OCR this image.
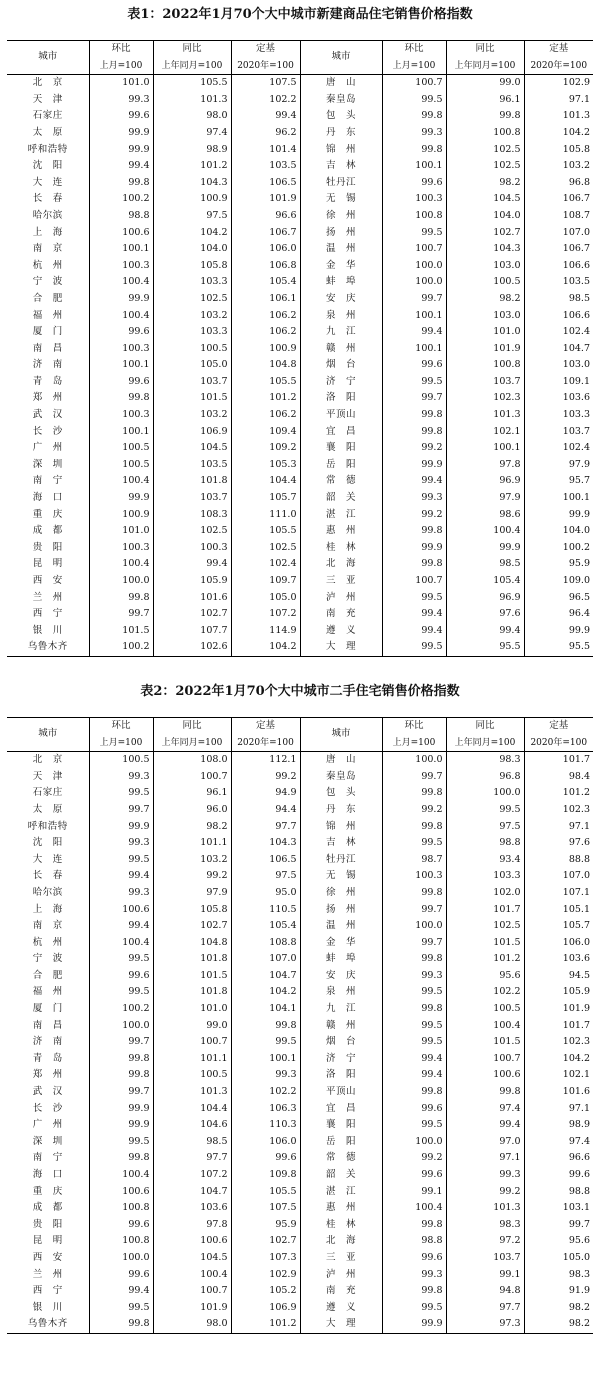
表1：2022年1月70个大中城市新建商品住宅销售价格指数
城市	环比	同比	定基	城市	环比	同比	定基
	上月=100	上年同月=100	2020年=100		上月=100	上年同月=100	2020年=100
北　京	101.0	105.5	107.5	唐　山	100.7	99.0	102.9
天　津	99.3	101.3	102.2	秦皇岛	99.5	96.1	97.1
石家庄	99.6	98.0	99.4	包　头	99.8	99.8	101.3
太　原	99.9	97.4	96.2	丹　东	99.3	100.8	104.2
呼和浩特	99.9	98.9	101.4	锦　州	99.8	102.5	105.8
沈　阳	99.4	101.2	103.5	吉　林	100.1	102.5	103.2
大　连	99.8	104.3	106.5	牡丹江	99.6	98.2	96.8
长　春	100.2	100.9	101.9	无　锡	100.3	104.5	106.7
哈尔滨	98.8	97.5	96.6	徐　州	100.8	104.0	108.7
上　海	100.6	104.2	106.7	扬　州	99.5	102.7	107.0
南　京	100.1	104.0	106.0	温　州	100.7	104.3	106.7
杭　州	100.3	105.8	106.8	金　华	100.0	103.0	106.6
宁　波	100.4	103.3	105.4	蚌　埠	100.0	100.5	103.5
合　肥	99.9	102.5	106.1	安　庆	99.7	98.2	98.5
福　州	100.4	103.2	106.2	泉　州	100.1	103.0	106.6
厦　门	99.6	103.3	106.2	九　江	99.4	101.0	102.4
南　昌	100.3	100.5	100.9	赣　州	100.1	101.9	104.7
济　南	100.1	105.0	104.8	烟　台	99.6	100.8	103.0
青　岛	99.6	103.7	105.5	济　宁	99.5	103.7	109.1
郑　州	99.8	101.5	101.2	洛　阳	99.7	102.3	103.6
武　汉	100.3	103.2	106.2	平顶山	99.8	101.3	103.3
长　沙	100.1	106.9	109.4	宜　昌	99.8	102.1	103.7
广　州	100.5	104.5	109.2	襄　阳	99.2	100.1	102.4
深　圳	100.5	103.5	105.3	岳　阳	99.9	97.8	97.9
南　宁	100.4	101.8	104.4	常　德	99.4	96.9	95.7
海　口	99.9	103.7	105.7	韶　关	99.3	97.9	100.1
重　庆	100.9	108.3	111.0	湛　江	99.2	98.6	99.9
成　都	101.0	102.5	105.5	惠　州	99.8	100.4	104.0
贵　阳	100.3	100.3	102.5	桂　林	99.9	99.9	100.2
昆　明	100.4	99.4	102.4	北　海	99.8	98.5	95.9
西　安	100.0	105.9	109.7	三　亚	100.7	105.4	109.0
兰　州	99.8	101.6	105.0	泸　州	99.5	96.9	96.5
西　宁	99.7	102.7	107.2	南　充	99.4	97.6	96.4
银　川	101.5	107.7	114.9	遵　义	99.4	99.4	99.9
乌鲁木齐	100.2	102.6	104.2	大　理	99.5	95.5	95.5
表2：2022年1月70个大中城市二手住宅销售价格指数
城市	环比	同比	定基	城市	环比	同比	定基
	上月=100	上年同月=100	2020年=100		上月=100	上年同月=100	2020年=100
北　京	100.5	108.0	112.1	唐　山	100.0	98.3	101.7
天　津	99.3	100.7	99.2	秦皇岛	99.7	96.8	98.4
石家庄	99.5	96.1	94.9	包　头	99.8	100.0	101.2
太　原	99.7	96.0	94.4	丹　东	99.2	99.5	102.3
呼和浩特	99.9	98.2	97.7	锦　州	99.8	97.5	97.1
沈　阳	99.3	101.1	104.3	吉　林	99.5	98.8	97.6
大　连	99.5	103.2	106.5	牡丹江	98.7	93.4	88.8
长　春	99.4	99.2	97.5	无　锡	100.3	103.3	107.0
哈尔滨	99.3	97.9	95.0	徐　州	99.8	102.0	107.1
上　海	100.6	105.8	110.5	扬　州	99.7	101.7	105.1
南　京	99.4	102.7	105.4	温　州	100.0	102.5	105.7
杭　州	100.4	104.8	108.8	金　华	99.7	101.5	106.0
宁　波	99.5	101.8	107.0	蚌　埠	99.8	101.2	103.6
合　肥	99.6	101.5	104.7	安　庆	99.3	95.6	94.5
福　州	99.5	101.8	104.2	泉　州	99.5	102.2	105.9
厦　门	100.2	101.0	104.1	九　江	99.8	100.5	101.9
南　昌	100.0	99.0	99.8	赣　州	99.5	100.4	101.7
济　南	99.7	100.7	99.5	烟　台	99.5	101.5	102.3
青　岛	99.8	101.1	100.1	济　宁	99.4	100.7	104.2
郑　州	99.8	100.5	99.3	洛　阳	99.4	100.6	102.1
武　汉	99.7	101.3	102.2	平顶山	99.8	99.8	101.6
长　沙	99.9	104.4	106.3	宜　昌	99.6	97.4	97.1
广　州	99.9	104.6	110.3	襄　阳	99.5	99.4	98.9
深　圳	99.5	98.5	106.0	岳　阳	100.0	97.0	97.4
南　宁	99.8	97.7	99.6	常　德	99.2	97.1	96.6
海　口	100.4	107.2	109.8	韶　关	99.6	99.3	99.6
重　庆	100.6	104.7	105.5	湛　江	99.1	99.2	98.8
成　都	100.8	103.6	107.5	惠　州	100.4	101.3	103.1
贵　阳	99.6	97.8	95.9	桂　林	99.8	98.3	99.7
昆　明	100.8	100.6	102.7	北　海	98.8	97.2	95.6
西　安	100.0	104.5	107.3	三　亚	99.6	103.7	105.0
兰　州	99.6	100.4	102.9	泸　州	99.3	99.1	98.3
西　宁	99.4	100.7	105.2	南　充	99.8	94.8	91.9
银　川	99.5	101.9	106.9	遵　义	99.5	97.7	98.2
乌鲁木齐	99.8	98.0	101.2	大　理	99.9	97.3	98.2
